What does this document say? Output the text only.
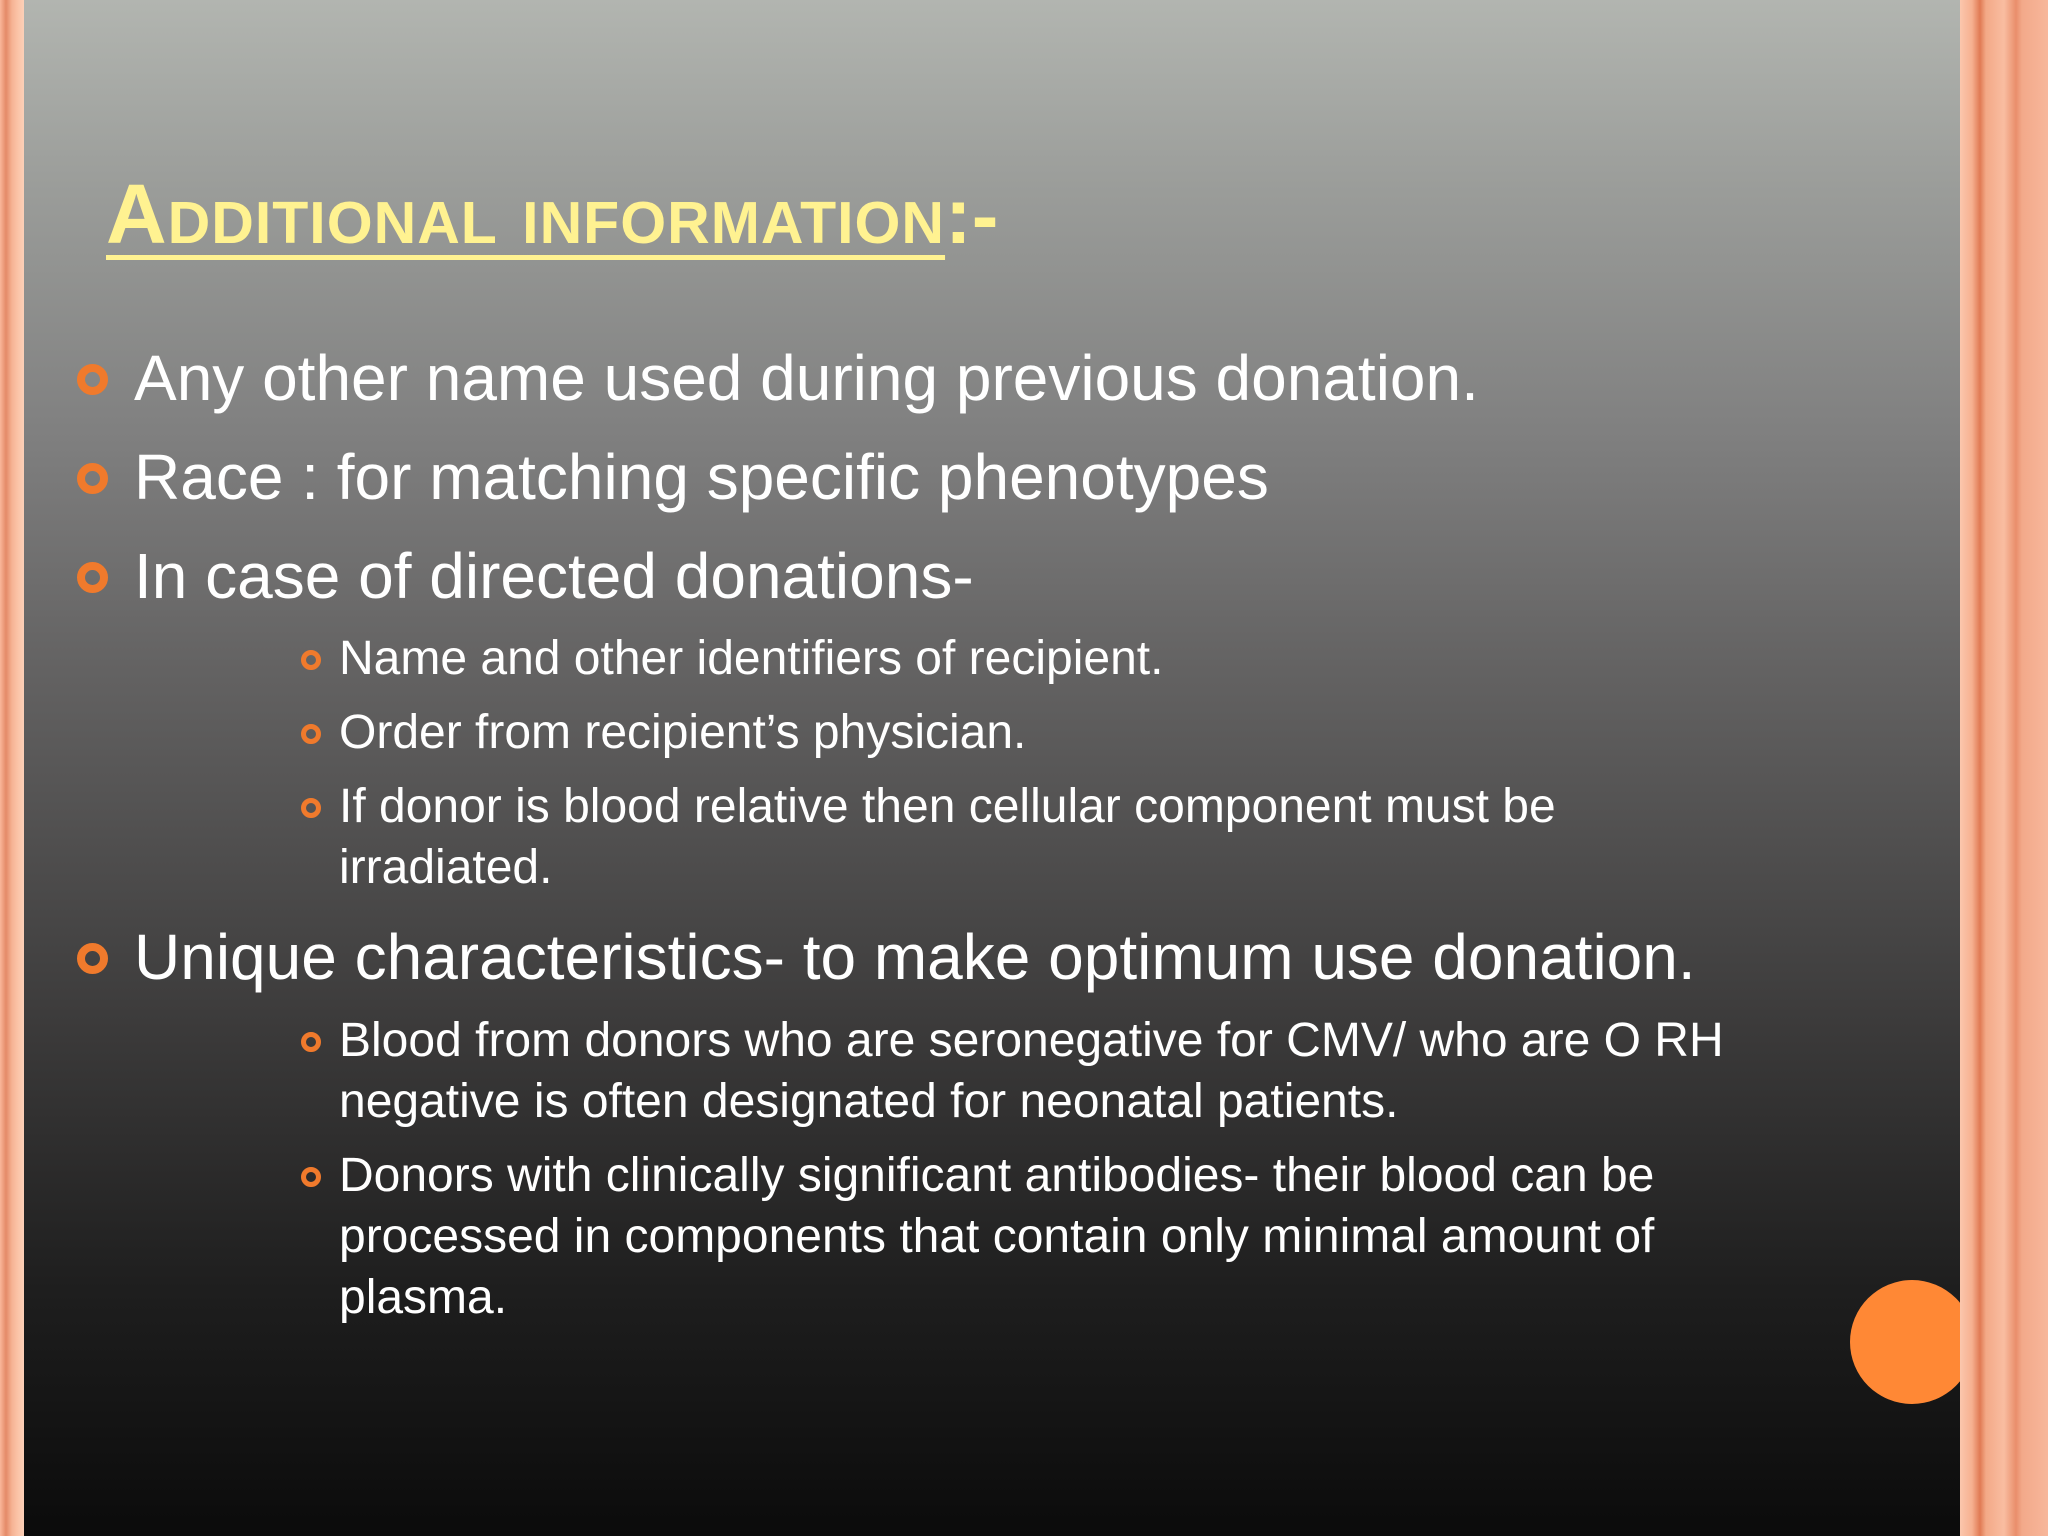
Additional information:-
Any other name used during previous donation.
Race : for matching specific phenotypes
In case of directed donations-
Name and other identifiers of recipient.
Order from recipient’s physician.
If donor is blood relative then cellular component must be
irradiated.
Unique characteristics- to make optimum use donation.
Blood from donors who are seronegative for CMV/ who are O RH
negative is often designated for neonatal patients.
Donors with clinically significant antibodies- their blood can be
processed in components that contain only minimal amount of
plasma.
